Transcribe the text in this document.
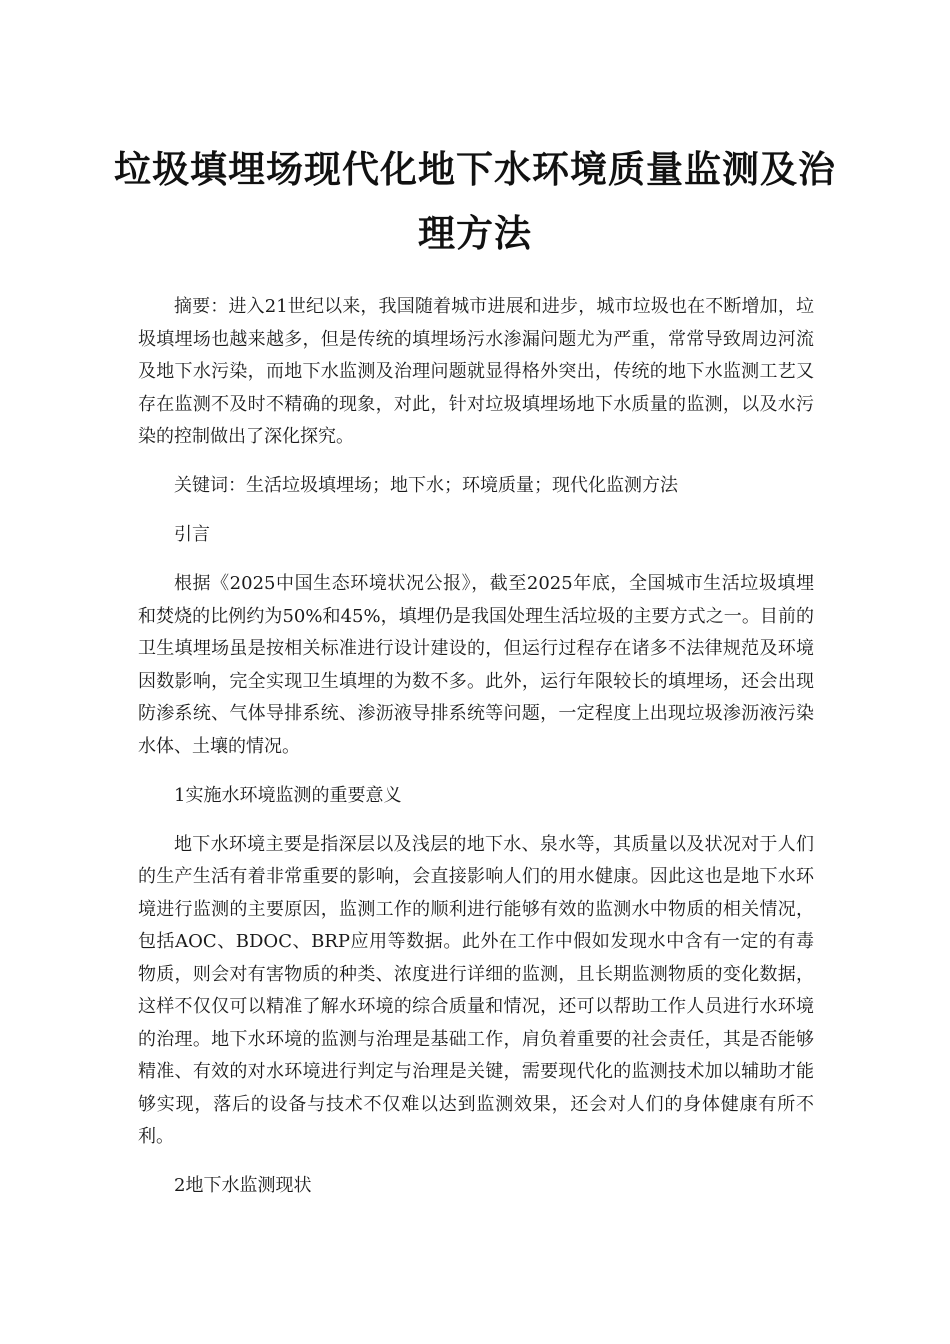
垃圾填埋场现代化地下水环境质量监测及治理方法

摘要：进入21世纪以来，我国随着城市进展和进步，城市垃圾也在不断增加，垃圾填埋场也越来越多，但是传统的填埋场污水渗漏问题尤为严重，常常导致周边河流及地下水污染，而地下水监测及治理问题就显得格外突出，传统的地下水监测工艺又存在监测不及时不精确的现象，对此，针对垃圾填埋场地下水质量的监测，以及水污染的控制做出了深化探究。

关键词：生活垃圾填埋场；地下水；环境质量；现代化监测方法

引言

根据《2025中国生态环境状况公报》，截至2025年底，全国城市生活垃圾填埋和焚烧的比例约为50%和45%，填埋仍是我国处理生活垃圾的主要方式之一。目前的卫生填埋场虽是按相关标准进行设计建设的，但运行过程存在诸多不法律规范及环境因数影响，完全实现卫生填埋的为数不多。此外，运行年限较长的填埋场，还会出现防渗系统、气体导排系统、渗沥液导排系统等问题，一定程度上出现垃圾渗沥液污染水体、土壤的情况。

1实施水环境监测的重要意义

地下水环境主要是指深层以及浅层的地下水、泉水等，其质量以及状况对于人们的生产生活有着非常重要的影响，会直接影响人们的用水健康。因此这也是地下水环境进行监测的主要原因，监测工作的顺利进行能够有效的监测水中物质的相关情况，包括AOC、BDOC、BRP应用等数据。此外在工作中假如发现水中含有一定的有毒物质，则会对有害物质的种类、浓度进行详细的监测，且长期监测物质的变化数据，这样不仅仅可以精准了解水环境的综合质量和情况，还可以帮助工作人员进行水环境的治理。地下水环境的监测与治理是基础工作，肩负着重要的社会责任，其是否能够精准、有效的对水环境进行判定与治理是关键，需要现代化的监测技术加以辅助才能够实现，落后的设备与技术不仅难以达到监测效果，还会对人们的身体健康有所不利。

2地下水监测现状
